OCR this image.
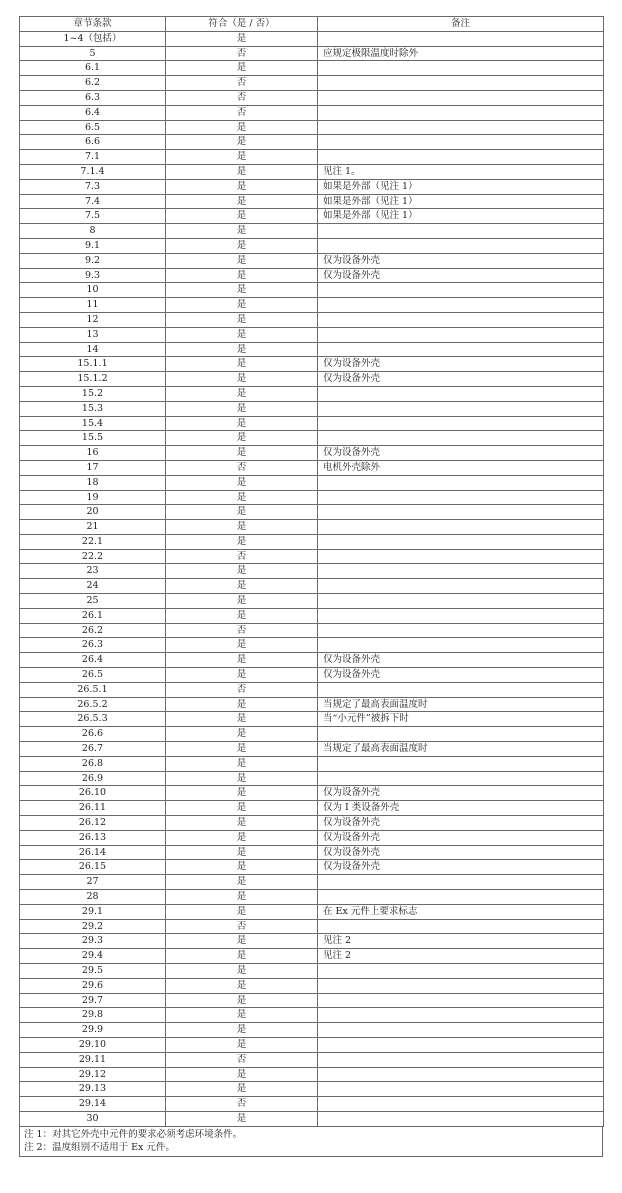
章节条款	符合（是 / 否）	备注
1~4（包括）	是	
5	否	应规定极限温度时除外
6.1	是	
6.2	否	
6.3	否	
6.4	否	
6.5	是	
6.6	是	
7.1	是	
7.1.4	是	见注 1。
7.3	是	如果是外部（见注 1）
7.4	是	如果是外部（见注 1）
7.5	是	如果是外部（见注 1）
8	是	
9.1	是	
9.2	是	仅为设备外壳
9.3	是	仅为设备外壳
10	是	
11	是	
12	是	
13	是	
14	是	
15.1.1	是	仅为设备外壳
15.1.2	是	仅为设备外壳
15.2	是	
15.3	是	
15.4	是	
15.5	是	
16	是	仅为设备外壳
17	否	电机外壳除外
18	是	
19	是	
20	是	
21	是	
22.1	是	
22.2	否	
23	是	
24	是	
25	是	
26.1	是	
26.2	否	
26.3	是	
26.4	是	仅为设备外壳
26.5	是	仅为设备外壳
26.5.1	否	
26.5.2	是	当规定了最高表面温度时
26.5.3	是	当“小元件”被拆下时
26.6	是	
26.7	是	当规定了最高表面温度时
26.8	是	
26.9	是	
26.10	是	仅为设备外壳
26.11	是	仅为 I 类设备外壳
26.12	是	仅为设备外壳
26.13	是	仅为设备外壳
26.14	是	仅为设备外壳
26.15	是	仅为设备外壳
27	是	
28	是	
29.1	是	在 Ex 元件上要求标志
29.2	否	
29.3	是	见注 2
29.4	是	见注 2
29.5	是	
29.6	是	
29.7	是	
29.8	是	
29.9	是	
29.10	是	
29.11	否	
29.12	是	
29.13	是	
29.14	否	
30	是	
注 1：对其它外壳中元件的要求必须考虑环境条件。
注 2：温度组别不适用于 Ex 元件。
